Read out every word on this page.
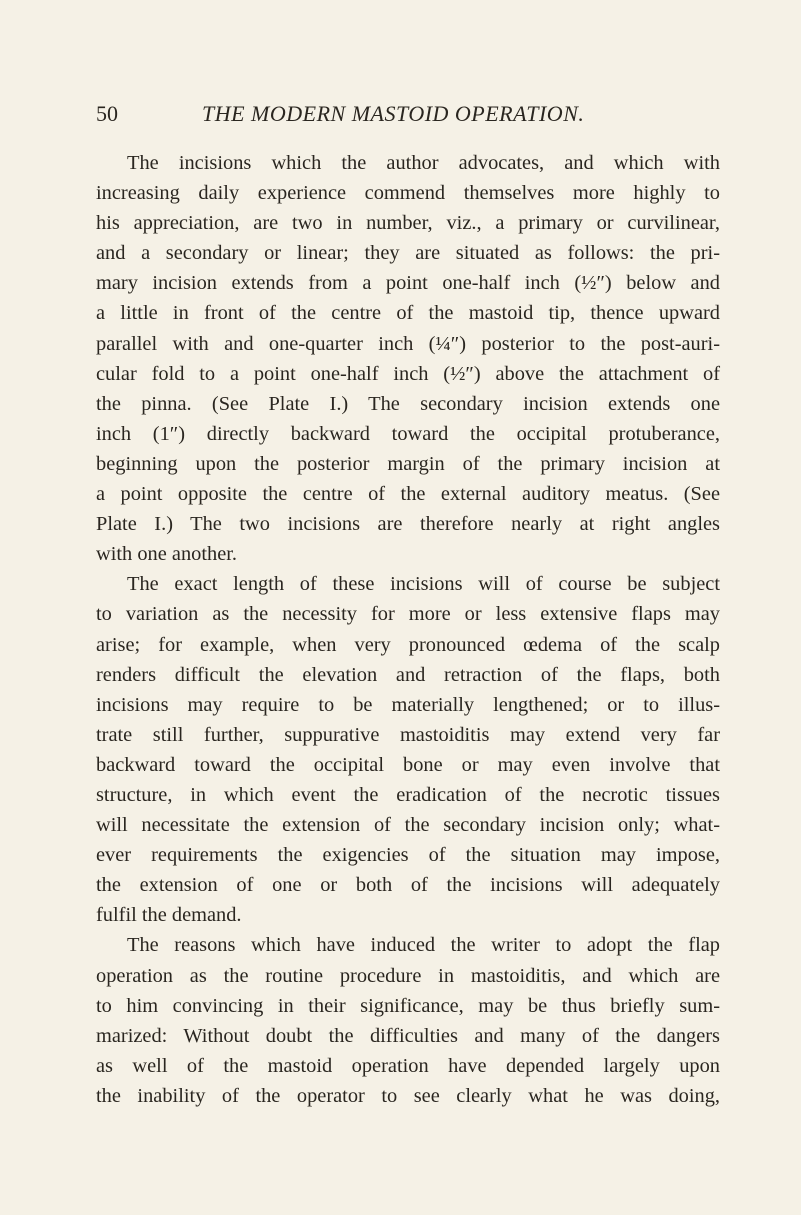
50	THE MODERN MASTOID OPERATION.
The incisions which the author advocates, and which with
increasing daily experience commend themselves more highly to
his appreciation, are two in number, viz., a primary or curvilinear,
and a secondary or linear; they are situated as follows: the pri-
mary incision extends from a point one-half inch (½″) below and
a little in front of the centre of the mastoid tip, thence upward
parallel with and one-quarter inch (¼″) posterior to the post-auri-
cular fold to a point one-half inch (½″) above the attachment of
the pinna. (See Plate I.) The secondary incision extends one
inch (1″) directly backward toward the occipital protuberance,
beginning upon the posterior margin of the primary incision at
a point opposite the centre of the external auditory meatus. (See
Plate I.) The two incisions are therefore nearly at right angles
with one another.
The exact length of these incisions will of course be subject
to variation as the necessity for more or less extensive flaps may
arise; for example, when very pronounced œdema of the scalp
renders difficult the elevation and retraction of the flaps, both
incisions may require to be materially lengthened; or to illus-
trate still further, suppurative mastoiditis may extend very far
backward toward the occipital bone or may even involve that
structure, in which event the eradication of the necrotic tissues
will necessitate the extension of the secondary incision only; what-
ever requirements the exigencies of the situation may impose,
the extension of one or both of the incisions will adequately
fulfil the demand.
The reasons which have induced the writer to adopt the flap
operation as the routine procedure in mastoiditis, and which are
to him convincing in their significance, may be thus briefly sum-
marized: Without doubt the difficulties and many of the dangers
as well of the mastoid operation have depended largely upon
the inability of the operator to see clearly what he was doing,
